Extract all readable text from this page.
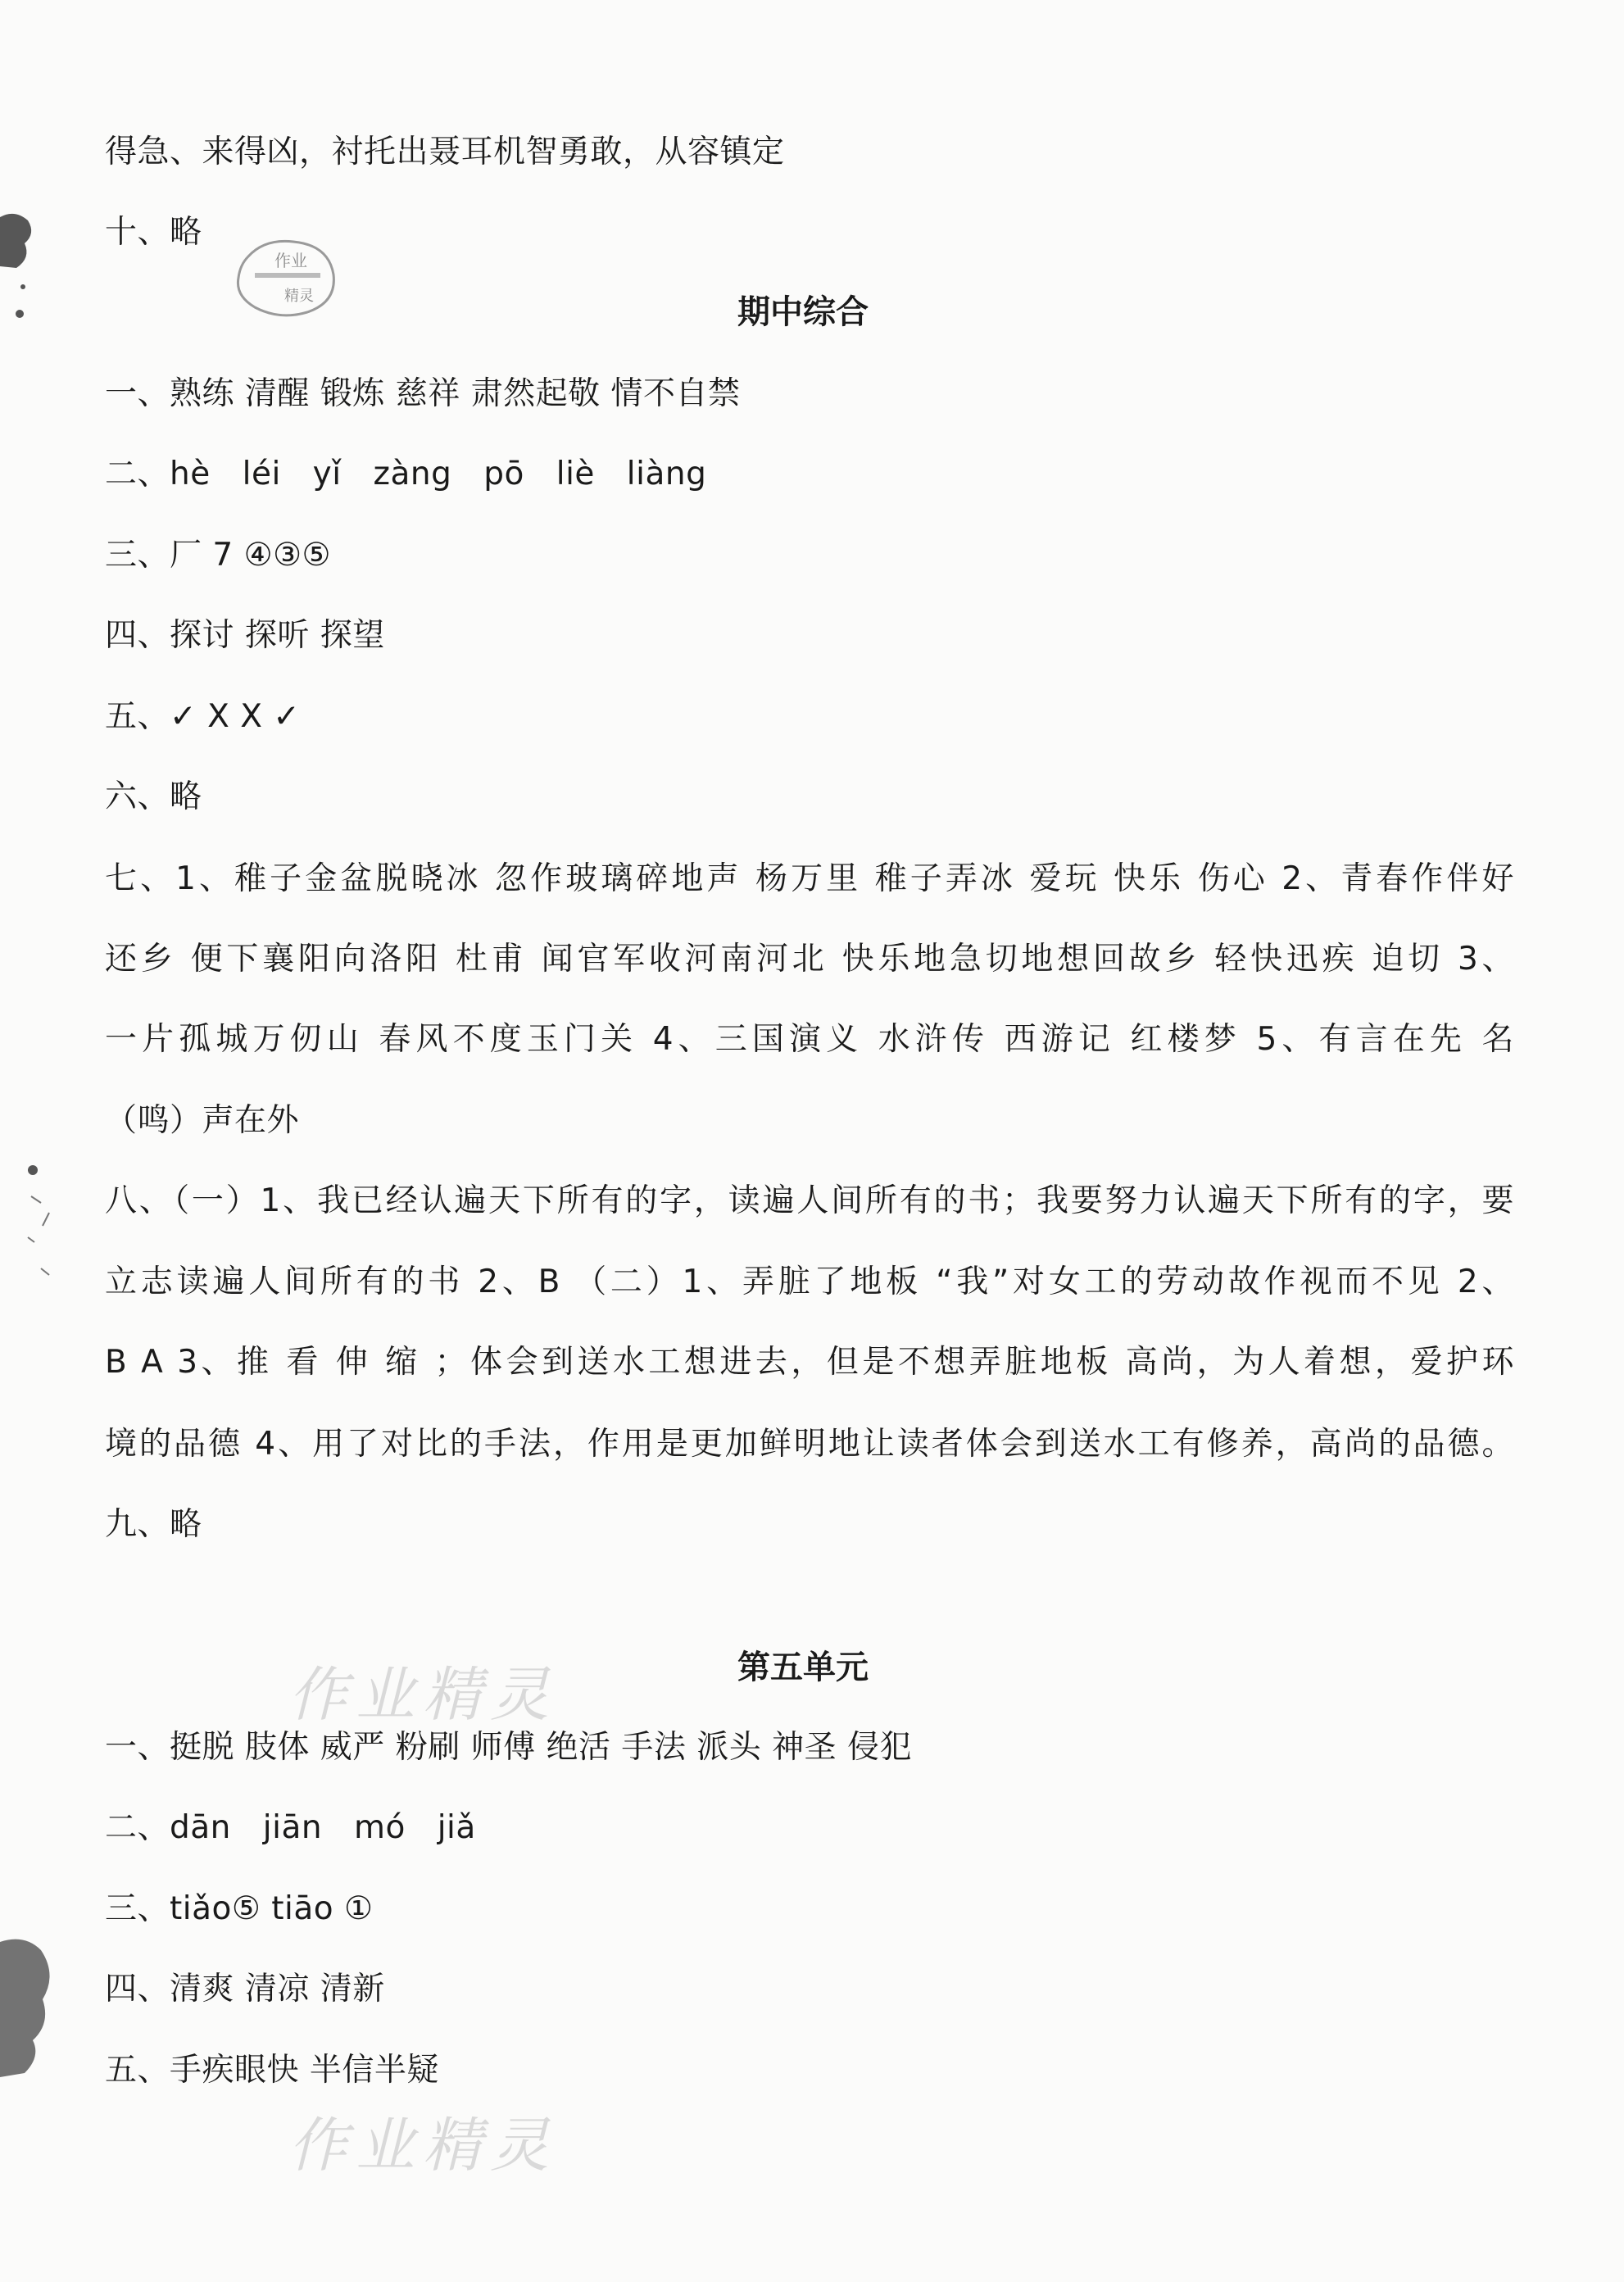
作业
精灵
作业精灵
作业精灵
得急、来得凶，衬托出聂耳机智勇敢，从容镇定
十、略
期中综合
一、熟练 清醒 锻炼 慈祥 肃然起敬 情不自禁
二、hè léi yǐ zàng pō liè liàng
三、厂 7 ④③⑤
四、探讨 探听 探望
五、✓ X X ✓
六、略
七、1、稚子金盆脱晓冰 忽作玻璃碎地声 杨万里 稚子弄冰 爱玩 快乐 伤心 2、青春作伴好
还乡 便下襄阳向洛阳 杜甫 闻官军收河南河北 快乐地急切地想回故乡 轻快迅疾 迫切 3、
一片孤城万仞山 春风不度玉门关 4、三国演义 水浒传 西游记 红楼梦 5、有言在先 名
（鸣）声在外
八、（一）1、我已经认遍天下所有的字，读遍人间所有的书；我要努力认遍天下所有的字，要
立志读遍人间所有的书 2、B （二）1、弄脏了地板 “我”对女工的劳动故作视而不见 2、
B A 3、推 看 伸 缩 ；体会到送水工想进去，但是不想弄脏地板 高尚，为人着想，爱护环
境的品德 4、用了对比的手法，作用是更加鲜明地让读者体会到送水工有修养，高尚的品德。
九、略
第五单元
一、挺脱 肢体 威严 粉刷 师傅 绝活 手法 派头 神圣 侵犯
二、dān jiān mó jiǎ
三、tiǎo⑤ tiāo ①
四、清爽 清凉 清新
五、手疾眼快 半信半疑
